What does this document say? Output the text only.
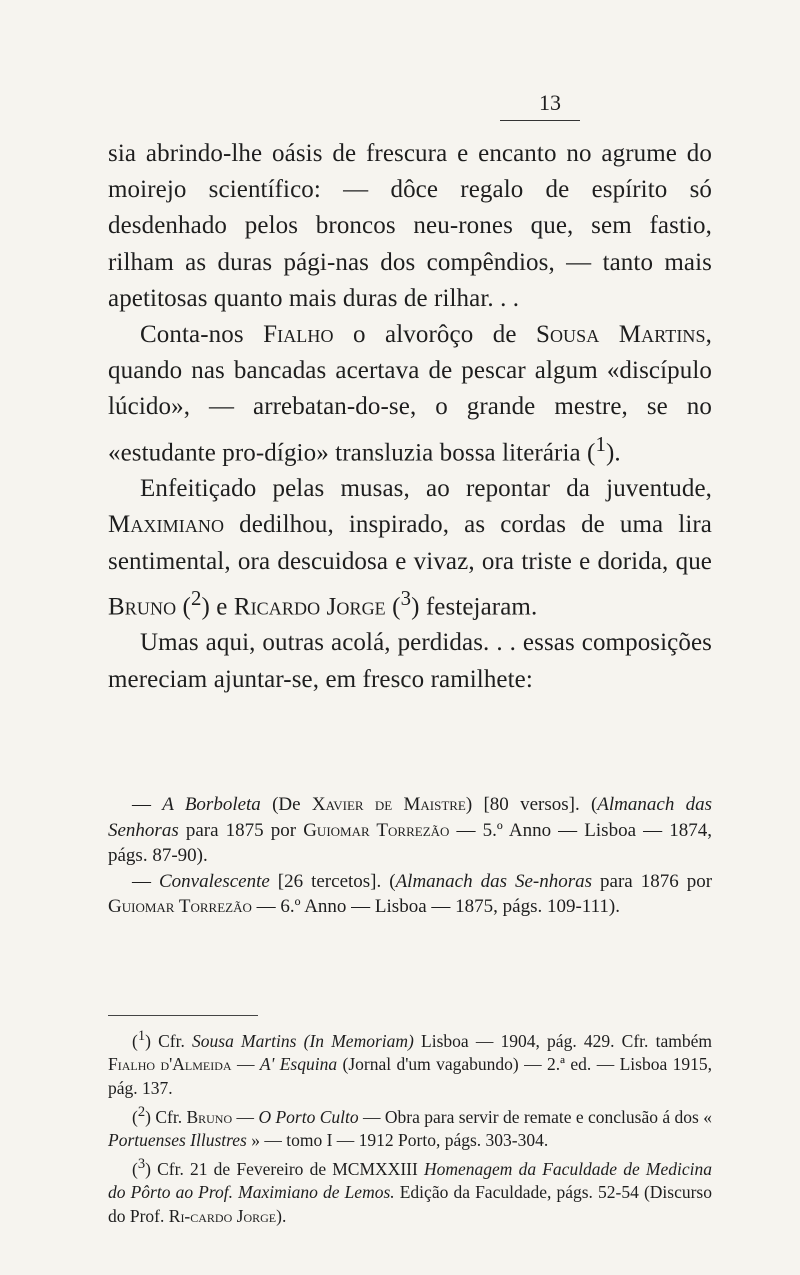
13

sia abrindo-lhe oásis de frescura e encanto no agrume do moirejo scientífico: — dôce regalo de espírito só desdenhado pelos broncos neu-rones que, sem fastio, rilham as duras pági-nas dos compêndios, — tanto mais apetitosas quanto mais duras de rilhar. . .

Conta-nos Fialho o alvorôço de Sousa Martins, quando nas bancadas acertava de pescar algum «discípulo lúcido», — arrebatan-do-se, o grande mestre, se no «estudante pro-dígio» transluzia bossa literária ($^1$).

Enfeitiçado pelas musas, ao repontar da juventude, Maximiano dedilhou, inspirado, as cordas de uma lira sentimental, ora descuidosa e vivaz, ora triste e dorida, que Bruno ($^2$) e Ricardo Jorge ($^3$) festejaram.

Umas aqui, outras acolá, perdidas. . . essas composições mereciam ajuntar-se, em fresco ramilhete:

— A Borboleta (De Xavier de Maistre) [80 versos]. (Almanach das Senhoras para 1875 por Guiomar Torrezão — 5.º Anno — Lisboa — 1874, págs. 87-90).

— Convalescente [26 tercetos]. (Almanach das Se-nhoras para 1876 por Guiomar Torrezão — 6.º Anno — Lisboa — 1875, págs. 109-111).

($^1$) Cfr. Sousa Martins (In Memoriam) Lisboa — 1904, pág. 429. Cfr. também Fialho d'Almeida — A' Esquina (Jornal d'um vagabundo) — 2.ª ed. — Lisboa 1915, pág. 137.

($^2$) Cfr. Bruno — O Porto Culto — Obra para servir de remate e conclusão á dos « Portuenses Illustres » — tomo I — 1912 Porto, págs. 303-304.

($^3$) Cfr. 21 de Fevereiro de MCMXXIII Homenagem da Faculdade de Medicina do Pôrto ao Prof. Maximiano de Lemos. Edição da Faculdade, págs. 52-54 (Discurso do Prof. Ri-cardo Jorge).
